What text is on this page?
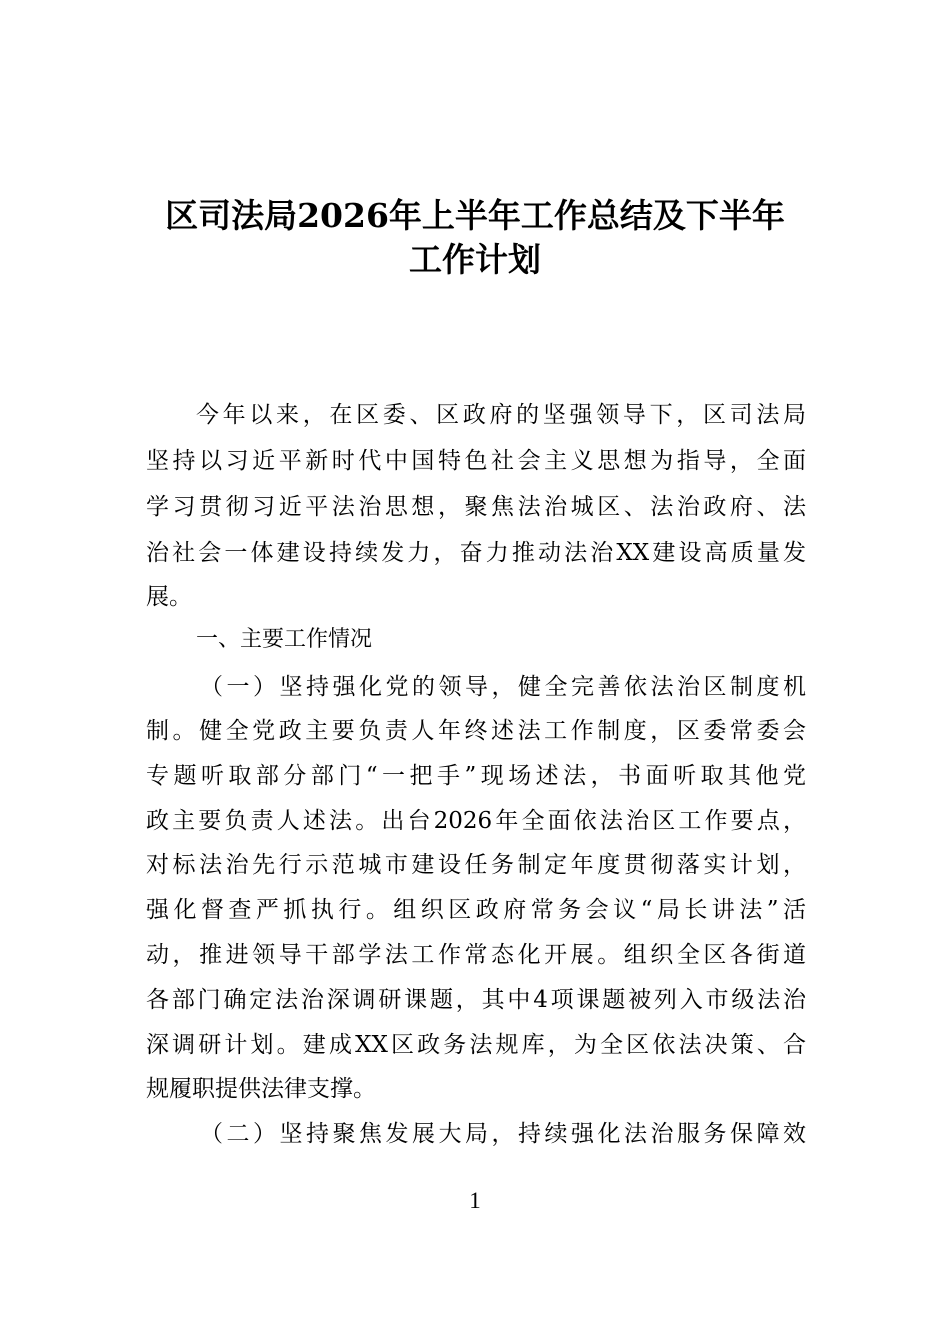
区司法局2026年上半年工作总结及下半年
工作计划

今年以来，在区委、区政府的坚强领导下，区司法局

坚持以习近平新时代中国特色社会主义思想为指导，全面

学习贯彻习近平法治思想，聚焦法治城区、法治政府、法

治社会一体建设持续发力，奋力推动法治XX建设高质量发

展。

一、主要工作情况

（一）坚持强化党的领导，健全完善依法治区制度机

制。健全党政主要负责人年终述法工作制度，区委常委会

专题听取部分部门“一把手”现场述法，书面听取其他党

政主要负责人述法。出台2026年全面依法治区工作要点，

对标法治先行示范城市建设任务制定年度贯彻落实计划，

强化督查严抓执行。组织区政府常务会议“局长讲法”活

动，推进领导干部学法工作常态化开展。组织全区各街道

各部门确定法治深调研课题，其中4项课题被列入市级法治

深调研计划。建成XX区政务法规库，为全区依法决策、合

规履职提供法律支撑。

（二）坚持聚焦发展大局，持续强化法治服务保障效

1
